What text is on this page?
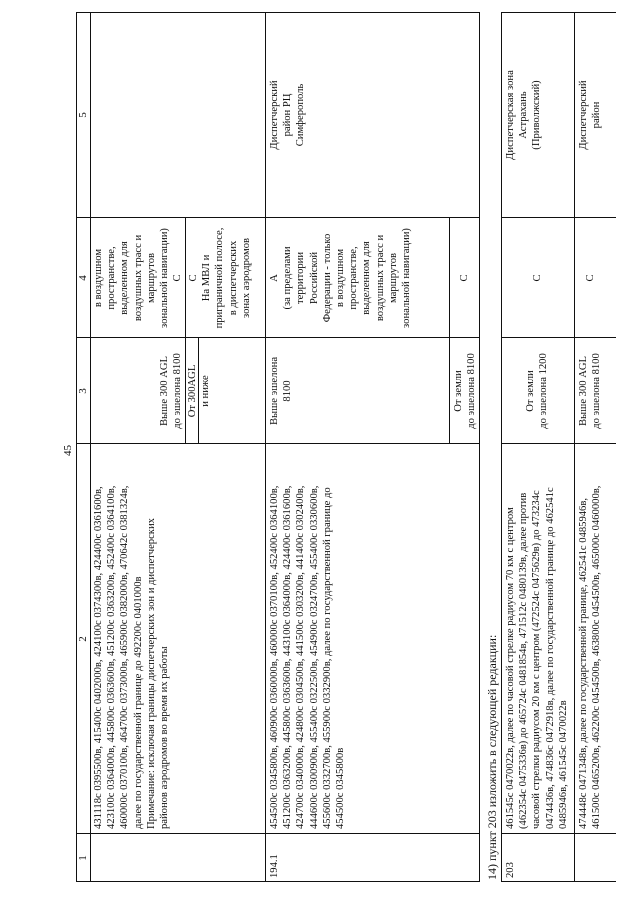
45
1
2
3
4
5
431118с 0395500в, 415400с 0402000в, 424100с 0374300в, 424400с 0361600в, 423100с 0364000в, 445800с 0363600в, 451200с 0363200в, 452400с 0364100в, 460000с 0370100в, 464700с 0373000в, 465900с 0382000в, 470642с 0381324в, далее по государственной границе до 492200с 0401000в Примечание: исключая границы диспетчерских зон и диспетчерских районов аэродромов во время их работы
Выше 300 AGL до эшелона 8100
в воздушном пространстве, выделенном для воздушных трасс и маршрутов зональной навигации) C
От 300AGL и ниже
C На МВЛ и приграничной полосе, в диспетчерских зонах аэродромов
194.1
454500с 0345800в, 460900с 0360000в, 460000с 0370100в, 452400с 0364100в, 451200с 0363200в, 445800с 0363600в, 443100с 0364000в, 424400с 0361600в, 424700с 0340000в, 424800с 0304500в, 441500с 0303200в, 441400с 0302400в, 444600с 0300900в, 455400с 0322500в, 454900с 0324700в, 455400с 0330600в, 455600с 0332700в, 455900с 0332900в, далее по государственной границе до 454500с 0345800в
Выше эшелона 8100
A (за пределами территории Российской Федерации - только в воздушном пространстве, выделенном для воздушных трасс и маршрутов зональной навигации)
От земли до эшелона 8100
C
Диспетчерский район РЦ Симферополь
14) пункт 203 изложить в следующей редакции: 203
461545с 0470022в, далее по часовой стрелке радиусом 70 км с центром (462354с 0475336в) до 465724с 0481854в, 471512с 0480139в, далее против часовой стрелки радиусом 20 км с центром (472524с 0475629в) до 473234с 0474436в, 474836с 0472918в, далее по государственной границе до 462541с 0485946в, 461545с 0470022в
От земли до эшелона 1200
C
Диспетчерская зона Астрахань (Приволжский)
474448с 0471348в, далее по государственной границе, 462541с 0485946в, 461500с 0465200в, 462200с 0454500в, 463800с 0454500в, 465000с 0460000в,
Выше 300 AGL до эшелона 8100
C
Диспетчерский район
